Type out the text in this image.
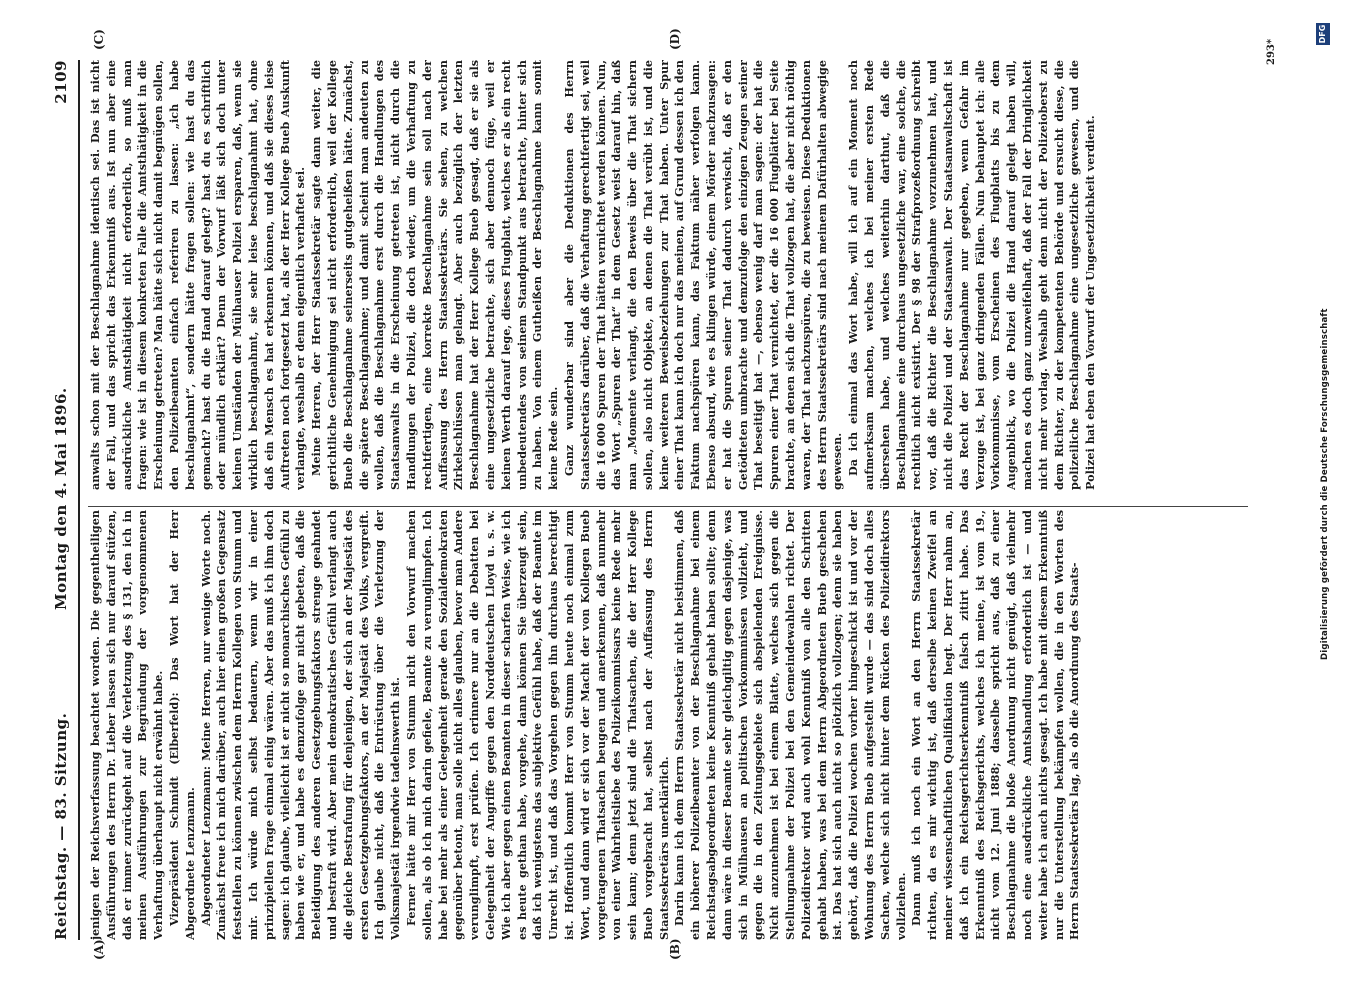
Reichstag. — 83. Sitzung.
Montag den 4. Mai 1896.
2109
(A)	(B)
(C)	(D)

jenigen der Reichsverfassung beachtet worden. Die gegentheiligen Ausführungen des Herrn Dr. Lieber lassen sich nur darauf stützen, daß er immer zurückgeht auf die Verletzung des § 131, den ich in meinen Ausführungen zur Begründung der vorgenommenen Verhaftung überhaupt nicht erwähnt habe. Vizepräsident Schmidt (Elberfeld): Das Wort hat der Herr Abgeordnete Lenzmann. Abgeordneter Lenzmann: Meine Herren, nur wenige Worte noch. Zunächst freue ich mich darüber, auch hier einen großen Gegensatz feststellen zu können zwischen dem Herrn Kollegen von Stumm und mir. Ich würde mich selbst bedauern, wenn wir in einer prinzipiellen Frage einmal einig wären. Aber das muß ich ihm doch sagen: ich glaube, vielleicht ist er nicht so monarchisches Gefühl zu haben wie er, und habe es demzufolge gar nicht gebeten, daß die Beleidigung des anderen Gesetzgebungsfaktors strenge geahndet und bestraft wird. Aber mein demokratisches Gefühl verlangt auch die gleiche Bestrafung für denjenigen, der sich an der Majestät des ersten Gesetzgebungsfaktors, an der Majestät des Volks, vergreift. Ich glaube nicht, daß die Entrüstung über die Verletzung der Volksmajestät irgendwie tadelnswerth ist. Ferner hätte mir Herr von Stumm nicht den Vorwurf machen sollen, als ob ich mich darin gefiele, Beamte zu verunglimpfen. Ich habe bei mehr als einer Gelegenheit gerade den Sozialdemokraten gegenüber betont, man solle nicht alles glauben, bevor man Andere verunglimpft, erst prüfen. Ich erinnere nur an die Debatten bei Gelegenheit der Angriffe gegen den Norddeutschen Lloyd u. s. w. Wie ich aber gegen einen Beamten in dieser scharfen Weise, wie ich es heute gethan habe, vorgehe, dann können Sie überzeugt sein, daß ich wenigstens das subjektive Gefühl habe, daß der Beamte im Unrecht ist, und daß das Vorgehen gegen ihn durchaus berechtigt ist. Hoffentlich kommt Herr von Stumm heute noch einmal zum Wort, und dann wird er sich vor der Macht der von Kollegen Bueb vorgetragenen Thatsachen beugen und anerkennen, daß nunmehr von einer Wahrheitsliebe des Polizeikommissars keine Rede mehr sein kann; denn jetzt sind die Thatsachen, die der Herr Kollege Bueb vorgebracht hat, selbst nach der Auffassung des Herrn Staatssekretärs unerklärlich. Darin kann ich dem Herrn Staatssekretär nicht beistimmen, daß ein höherer Polizeibeamter von der Beschlagnahme bei einem Reichstagsabgeordneten keine Kenntniß gehabt haben sollte; denn dann wäre in dieser Beamte sehr gleichgiltig gegen dasjenige, was sich in Mülhausen an politischen Vorkommnissen vollzieht, und gegen die in den Zeitungsgebiete sich abspielenden Ereignisse. Nicht anzunehmen ist bei einem Blatte, welches sich gegen die Stellungnahme der Polizei bei den Gemeindewahlen richtet. Der Polizeidirektor wird auch wohl Kenntniß von alle den Schritten gehabt haben, was bei dem Herrn Abgeordneten Bueb geschehen ist. Das hat sich auch nicht so plötzlich vollzogen; denn sie haben gehört, daß die Polizei wochen vorher hingeschickt ist und vor der Wohnung des Herrn Bueb aufgestellt wurde — das sind doch alles Sachen, welche sich nicht hinter dem Rücken des Polizeidirektors vollziehen. Dann muß ich noch ein Wort an den Herrn Staatssekretär richten, da es mir wichtig ist, daß derselbe keinen Zweifel an meiner wissenschaftlichen Qualifikation hegt. Der Herr nahm an, daß ich ein Reichsgerichtserkenntniß falsch zitirt habe. Das Erkenntniß des Reichsgerichts, welches ich meine, ist vom 19., nicht vom 12. Juni 1888; dasselbe spricht aus, daß zu einer Beschlagnahme die bloße Anordnung nicht genügt, daß vielmehr noch eine ausdrückliche Amtshandlung erforderlich ist — und weiter habe ich auch nichts gesagt. Ich habe mit diesem Erkenntniß nur die Unterstellung bekämpfen wollen, die in den Worten des Herrn Staatssekretärs lag, als ob die Anordnung des Staats-

anwalts schon mit der Beschlagnahme identisch sei. Das ist nicht der Fall, und das spricht das Erkenntniß aus. Ist nun aber eine ausdrückliche Amtsthätigkeit nicht erforderlich, so muß man fragen: wie ist in diesem konkreten Falle die Amtsthätigkeit in die Erscheinung getreten? Man hätte sich nicht damit begnügen sollen, den Polizeibeamten einfach referiren zu lassen: „ich habe beschlagnahmt“, sondern hätte fragen sollen: wie hast du das gemacht? hast du die Hand darauf gelegt? hast du es schriftlich oder mündlich erklärt? Denn der Vorwurf läßt sich doch unter keinen Umständen der Mülhauser Polizei ersparen, daß, wenn sie wirklich beschlagnahmt, sie sehr leise beschlagnahmt hat, ohne daß ein Mensch es hat erkennen können, und daß sie dieses leise Auftreten noch fortgesetzt hat, als der Herr Kollege Bueb Auskunft verlangte, weshalb er denn eigentlich verhaftet sei. Meine Herren, der Herr Staatssekretär sagte dann weiter, die gerichtliche Genehmigung sei nicht erforderlich, weil der Kollege Bueb die Beschlagnahme seinerseits gutgeheißen hätte. Zunächst, die spätere Beschlagnahme; und damit scheint man andeuten zu wollen, daß die Beschlagnahme erst durch die Handlungen des Staatsanwalts in die Erscheinung getreten ist, nicht durch die Handlungen der Polizei, die doch wieder, um die Verhaftung zu rechtfertigen, eine korrekte Beschlagnahme sein soll nach der Auffassung des Herrn Staatssekretärs. Sie sehen, zu welchen Zirkelschlüssen man gelangt. Aber auch bezüglich der letzten Beschlagnahme hat der Herr Kollege Bueb gesagt, daß er sie als eine ungesetzliche betrachte, sich aber dennoch füge, weil er keinen Werth darauf lege, dieses Flugblatt, welches er als ein recht unbedeutendes von seinem Standpunkt aus betrachte, hinter sich zu haben. Von einem Gutheißen der Beschlagnahme kann somit keine Rede sein. Ganz wunderbar sind aber die Deduktionen des Herrn Staatssekretärs darüber, daß die Verhaftung gerechtfertigt sei, weil die 16 000 Spuren der That hätten vernichtet werden können. Nun, das Wort „Spuren der That“ in dem Gesetz weist darauf hin, daß man „Momente verlangt, die den Beweis über die That sichern sollen, also nicht Objekte, an denen die That verübt ist, und die keine weiteren Beweisbeziehungen zur That haben. Unter Spur einer That kann ich doch nur das meinen, auf Grund dessen ich den Faktum nachspüren kann, das Faktum näher verfolgen kann. Ebenso absurd, wie es klingen würde, einem Mörder nachzusagen: er hat die Spuren seiner That dadurch verwischt, daß er den Getödteten umbrachte und demzufolge den einzigen Zeugen seiner That beseitigt hat —, ebenso wenig darf man sagen: der hat die Spuren einer That vernichtet, der die 16 000 Flugblätter bei Seite brachte, an denen sich die That vollzogen hat, die aber nicht nöthig waren, der That nachzuspüren, die zu beweisen. Diese Deduktionen des Herrn Staatssekretärs sind nach meinem Dafürhalten abwegige gewesen. Da ich einmal das Wort habe, will ich auf ein Moment noch aufmerksam machen, welches ich bei meiner ersten Rede übersehen habe, und welches weiterhin darthut, daß die Beschlagnahme eine durchaus ungesetzliche war, eine solche, die rechtlich nicht existirt. Der § 98 der Strafprozeßordnung schreibt vor, daß die Richter die Beschlagnahme vorzunehmen hat, und nicht die Polizei und der Staatsanwalt. Der Staatsanwaltschaft ist das Recht der Beschlagnahme nur gegeben, wenn Gefahr im Verzuge ist, bei ganz dringenden Fällen. Nun behauptet ich: alle Vorkommnisse, vom Erscheinen des Flugblatts bis zu dem Augenblick, wo die Polizei die Hand darauf gelegt haben will, machen es doch ganz unzweifelhaft, daß der Fall der Dringlichkeit nicht mehr vorlag. Weshalb geht denn nicht der Polizeioberst zu dem Richter, zu der kompetenten Behörde und ersucht diese, die polizeiliche Beschlagnahme eine ungesetzliche gewesen, und die Polizei hat eben den Vorwurf der Ungesetzlichkeit verdient.

293*
Digitalisierung gefördert durch die Deutsche Forschungsgemeinschaft
DFG
